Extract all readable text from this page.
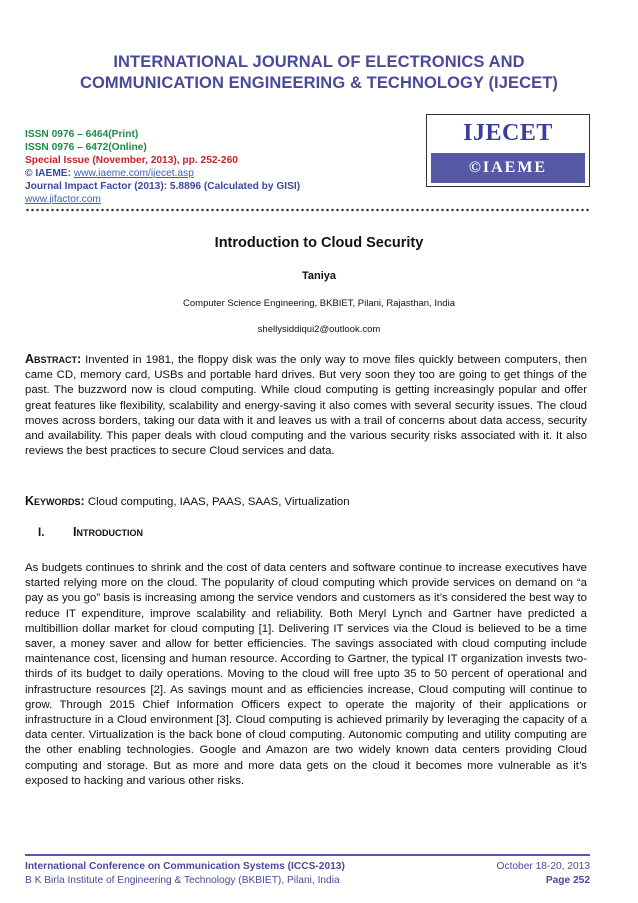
INTERNATIONAL JOURNAL OF ELECTRONICS AND
COMMUNICATION ENGINEERING & TECHNOLOGY (IJECET)
ISSN 0976 – 6464(Print)
ISSN 0976 – 6472(Online)
Special Issue (November, 2013), pp. 252-260
© IAEME: www.iaeme.com/ijecet.asp
Journal Impact Factor (2013): 5.8896 (Calculated by GISI)
www.jifactor.com
IJECET
©IAEME
Introduction to Cloud Security
Taniya
Computer Science Engineering, BKBIET, Pilani, Rajasthan, India
shellysiddiqui2@outlook.com
Abstract: Invented in 1981, the floppy disk was the only way to move files quickly between computers, then came CD, memory card, USBs and portable hard drives. But very soon they too are going to get things of the past. The buzzword now is cloud computing. While cloud computing is getting increasingly popular and offer great features like flexibility, scalability and energy-saving it also comes with several security issues. The cloud moves across borders, taking our data with it and leaves us with a trail of concerns about data access, security and availability. This paper deals with cloud computing and the various security risks associated with it. It also reviews the best practices to secure Cloud services and data.
Keywords: Cloud computing, IAAS, PAAS, SAAS, Virtualization
I. Introduction
As budgets continues to shrink and the cost of data centers and software continue to increase executives have started relying more on the cloud. The popularity of cloud computing which provide services on demand on “a pay as you go” basis is increasing among the service vendors and customers as it’s considered the best way to reduce IT expenditure, improve scalability and reliability. Both Meryl Lynch and Gartner have predicted a multibillion dollar market for cloud computing [1]. Delivering IT services via the Cloud is believed to be a time saver, a money saver and allow for better efficiencies. The savings associated with cloud computing include maintenance cost, licensing and human resource. According to Gartner, the typical IT organization invests two-thirds of its budget to daily operations. Moving to the cloud will free upto 35 to 50 percent of operational and infrastructure resources [2]. As savings mount and as efficiencies increase, Cloud computing will continue to grow. Through 2015 Chief Information Officers expect to operate the majority of their applications or infrastructure in a Cloud environment [3]. Cloud computing is achieved primarily by leveraging the capacity of a data center. Virtualization is the back bone of cloud computing. Autonomic computing and utility computing are the other enabling technologies. Google and Amazon are two widely known data centers providing Cloud computing and storage. But as more and more data gets on the cloud it becomes more vulnerable as it’s exposed to hacking and various other risks.
International Conference on Communication Systems (ICCS-2013)
B K Birla Institute of Engineering & Technology (BKBIET), Pilani, India
October 18-20, 2013
Page 252
